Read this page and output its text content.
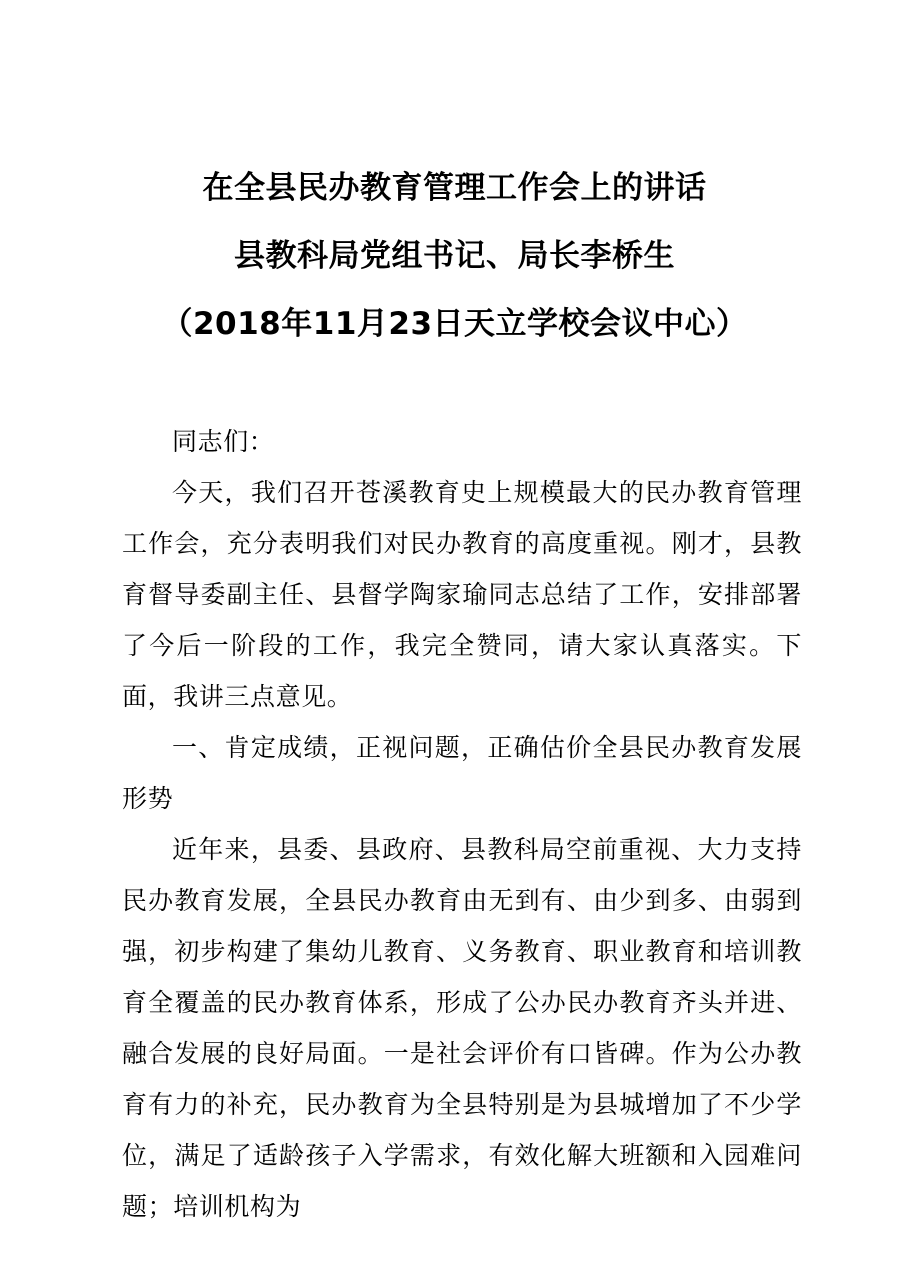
在全县民办教育管理工作会上的讲话
县教科局党组书记、局长李桥生
（2018年11月23日天立学校会议中心）

同志们：

今天，我们召开苍溪教育史上规模最大的民办教育管理工作会，充分表明我们对民办教育的高度重视。刚才，县教育督导委副主任、县督学陶家瑜同志总结了工作，安排部署了今后一阶段的工作，我完全赞同，请大家认真落实。下面，我讲三点意见。

一、肯定成绩，正视问题，正确估价全县民办教育发展形势

近年来，县委、县政府、县教科局空前重视、大力支持民办教育发展，全县民办教育由无到有、由少到多、由弱到强，初步构建了集幼儿教育、义务教育、职业教育和培训教育全覆盖的民办教育体系，形成了公办民办教育齐头并进、融合发展的良好局面。一是社会评价有口皆碑。作为公办教育有力的补充，民办教育为全县特别是为县城增加了不少学位，满足了适龄孩子入学需求，有效化解大班额和入园难问题；培训机构为
